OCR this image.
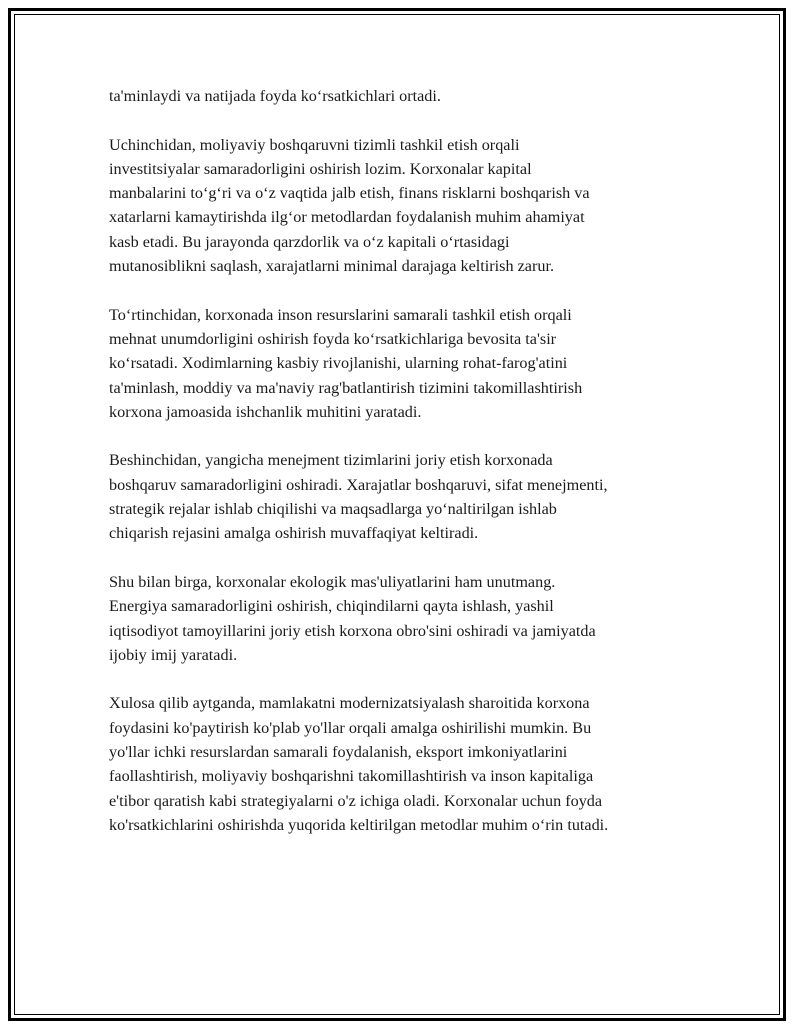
ta'minlaydi va natijada foyda ko‘rsatkichlari ortadi.

Uchinchidan, moliyaviy boshqaruvni tizimli tashkil etish orqali
investitsiyalar samaradorligini oshirish lozim. Korxonalar kapital
manbalarini to‘g‘ri va o‘z vaqtida jalb etish, finans risklarni boshqarish va
xatarlarni kamaytirishda ilg‘or metodlardan foydalanish muhim ahamiyat
kasb etadi. Bu jarayonda qarzdorlik va o‘z kapitali o‘rtasidagi
mutanosiblikni saqlash, xarajatlarni minimal darajaga keltirish zarur.

To‘rtinchidan, korxonada inson resurslarini samarali tashkil etish orqali
mehnat unumdorligini oshirish foyda ko‘rsatkichlariga bevosita ta'sir
ko‘rsatadi. Xodimlarning kasbiy rivojlanishi, ularning rohat-farog'atini
ta'minlash, moddiy va ma'naviy rag'batlantirish tizimini takomillashtirish
korxona jamoasida ishchanlik muhitini yaratadi.

Beshinchidan, yangicha menejment tizimlarini joriy etish korxonada
boshqaruv samaradorligini oshiradi. Xarajatlar boshqaruvi, sifat menejmenti,
strategik rejalar ishlab chiqilishi va maqsadlarga yo‘naltirilgan ishlab
chiqarish rejasini amalga oshirish muvaffaqiyat keltiradi.

Shu bilan birga, korxonalar ekologik mas'uliyatlarini ham unutmang.
Energiya samaradorligini oshirish, chiqindilarni qayta ishlash, yashil
iqtisodiyot tamoyillarini joriy etish korxona obro'sini oshiradi va jamiyatda
ijobiy imij yaratadi.

Xulosa qilib aytganda, mamlakatni modernizatsiyalash sharoitida korxona
foydasini ko'paytirish ko'plab yo'llar orqali amalga oshirilishi mumkin. Bu
yo'llar ichki resurslardan samarali foydalanish, eksport imkoniyatlarini
faollashtirish, moliyaviy boshqarishni takomillashtirish va inson kapitaliga
e'tibor qaratish kabi strategiyalarni o'z ichiga oladi. Korxonalar uchun foyda
ko'rsatkichlarini oshirishda yuqorida keltirilgan metodlar muhim o‘rin tutadi.
